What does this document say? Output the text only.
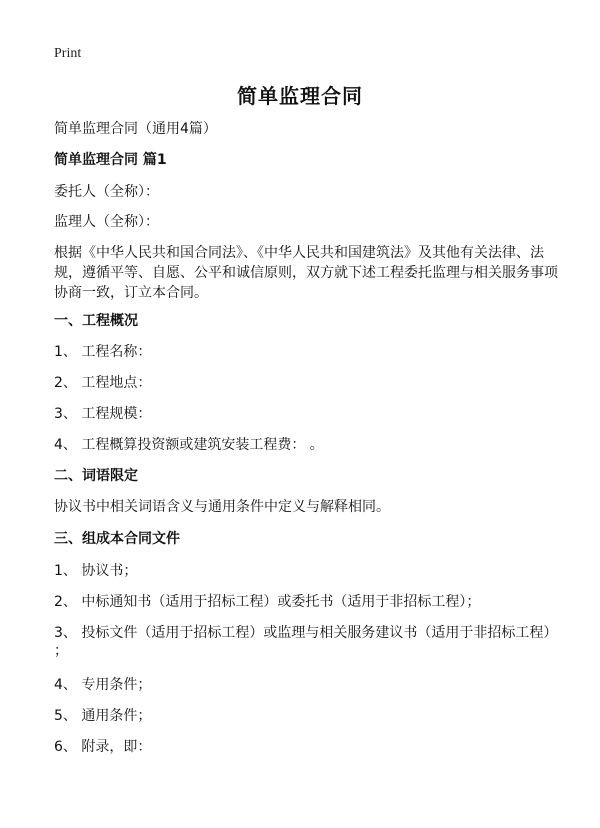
Print
简单监理合同
简单监理合同（通用4篇）
简单监理合同 篇1
委托人（全称）：
监理人（全称）：
根据《中华人民共和国合同法》、《中华人民共和国建筑法》及其他有关法律、法
规，遵循平等、自愿、公平和诚信原则，双方就下述工程委托监理与相关服务事项
协商一致，订立本合同。
一、工程概况
1、 工程名称：
2、 工程地点：
3、 工程规模：
4、 工程概算投资额或建筑安装工程费： 。
二、词语限定
协议书中相关词语含义与通用条件中定义与解释相同。
三、组成本合同文件
1、 协议书；
2、 中标通知书（适用于招标工程）或委托书（适用于非招标工程）；
3、 投标文件（适用于招标工程）或监理与相关服务建议书（适用于非招标工程）
；
4、 专用条件；
5、 通用条件；
6、 附录，即：
